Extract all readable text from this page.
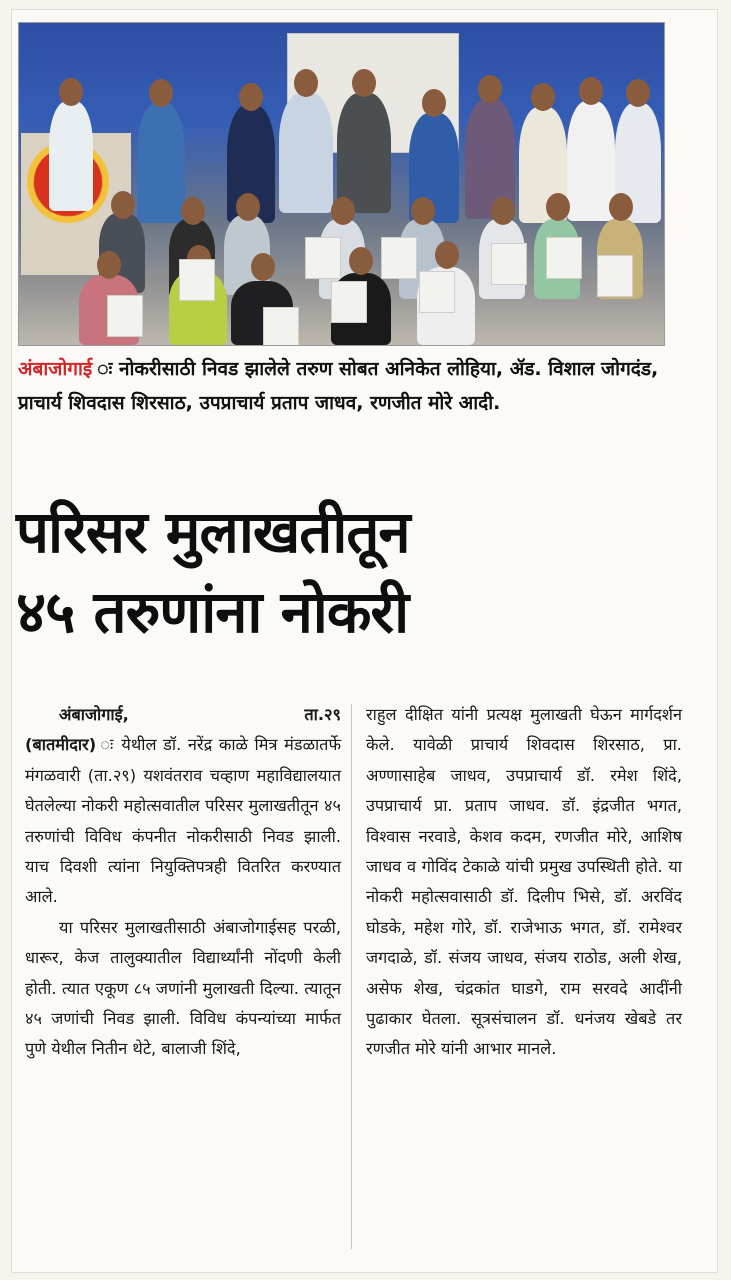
अंबाजोगाई ः नोकरीसाठी निवड झालेले तरुण सोबत अनिकेत लोहिया, ॲड. विशाल जोगदंड, प्राचार्य शिवदास शिरसाठ, उपप्राचार्य प्रताप जाधव, रणजीत मोरे आदी.
परिसर मुलाखतीतून
४५ तरुणांना नोकरी
अंबाजोगाई,	ता.२९

(बातमीदार) ः येथील डॉ. नरेंद्र काळे मित्र मंडळातर्फे मंगळवारी (ता.२९) यशवंतराव चव्हाण महाविद्यालयात घेतलेल्या नोकरी महोत्सवातील परिसर मुलाखतीतून ४५ तरुणांची विविध कंपनीत नोकरीसाठी निवड झाली. याच दिवशी त्यांना नियुक्तिपत्रही वितरित करण्यात आले.

या परिसर मुलाखतीसाठी अंबाजोगाईसह परळी, धारूर, केज तालुक्यातील विद्यार्थ्यांनी नोंदणी केली होती. त्यात एकूण ८५ जणांनी मुलाखती दिल्या. त्यातून ४५ जणांची निवड झाली. विविध कंपन्यांच्या मार्फत पुणे येथील नितीन थेटे, बालाजी शिंदे,

राहुल दीक्षित यांनी प्रत्यक्ष मुलाखती घेऊन मार्गदर्शन केले. यावेळी प्राचार्य शिवदास शिरसाठ, प्रा. अण्णासाहेब जाधव, उपप्राचार्य डॉ. रमेश शिंदे, उपप्राचार्य प्रा. प्रताप जाधव. डॉ. इंद्रजीत भगत, विश्वास नरवाडे, केशव कदम, रणजीत मोरे, आशिष जाधव व गोविंद टेकाळे यांची प्रमुख उपस्थिती होते. या नोकरी महोत्सवासाठी डॉ. दिलीप भिसे, डॉ. अरविंद घोडके, महेश गोरे, डॉ. राजेभाऊ भगत, डॉ. रामेश्वर जगदाळे, डॉ. संजय जाधव, संजय राठोड, अली शेख, असेफ शेख, चंद्रकांत घाडगे, राम सरवदे आदींनी पुढाकार घेतला. सूत्रसंचालन डॉ. धनंजय खेबडे तर रणजीत मोरे यांनी आभार मानले.
